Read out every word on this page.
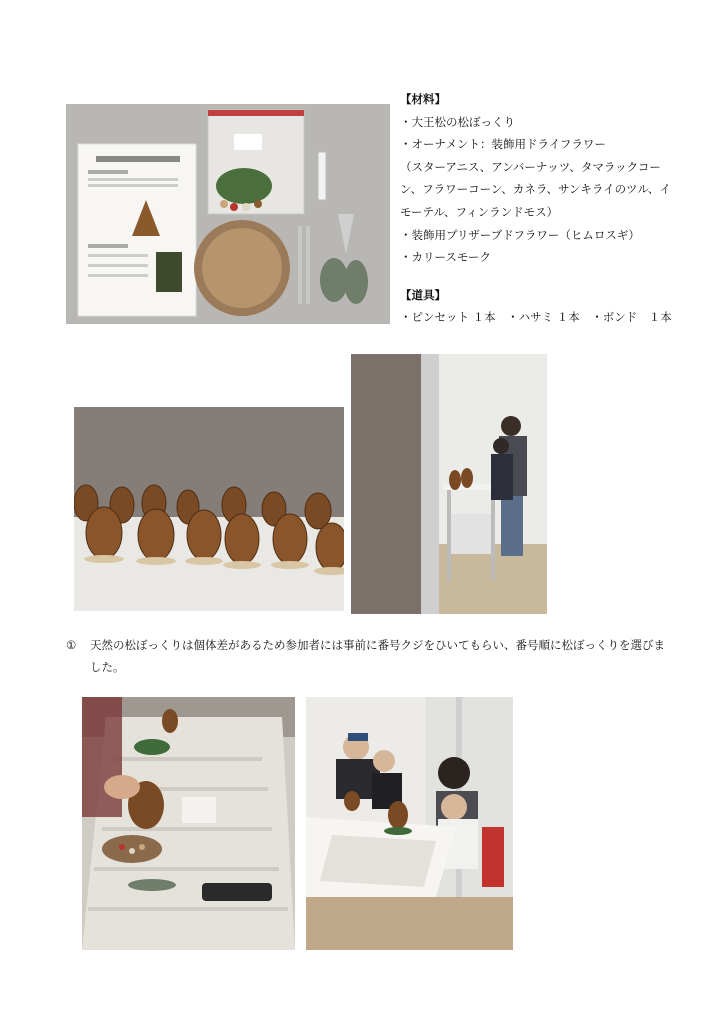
【材料】
・大王松の松ぼっくり
・オーナメント：装飾用ドライフラワー
（スターアニス、アンバーナッツ、タマラックコー
ン、フラワーコーン、カネラ、サンキライのツル、イ
モーテル、フィンランドモス）
・装飾用プリザーブドフラワー（ヒムロスギ）
・カリースモーク
【道具】
・ピンセット １本　・ハサミ １本　・ボンド　１本
① 天然の松ぼっくりは個体差があるため参加者には事前に番号クジをひいてもらい、番号順に松ぼっくりを選びま
した。
